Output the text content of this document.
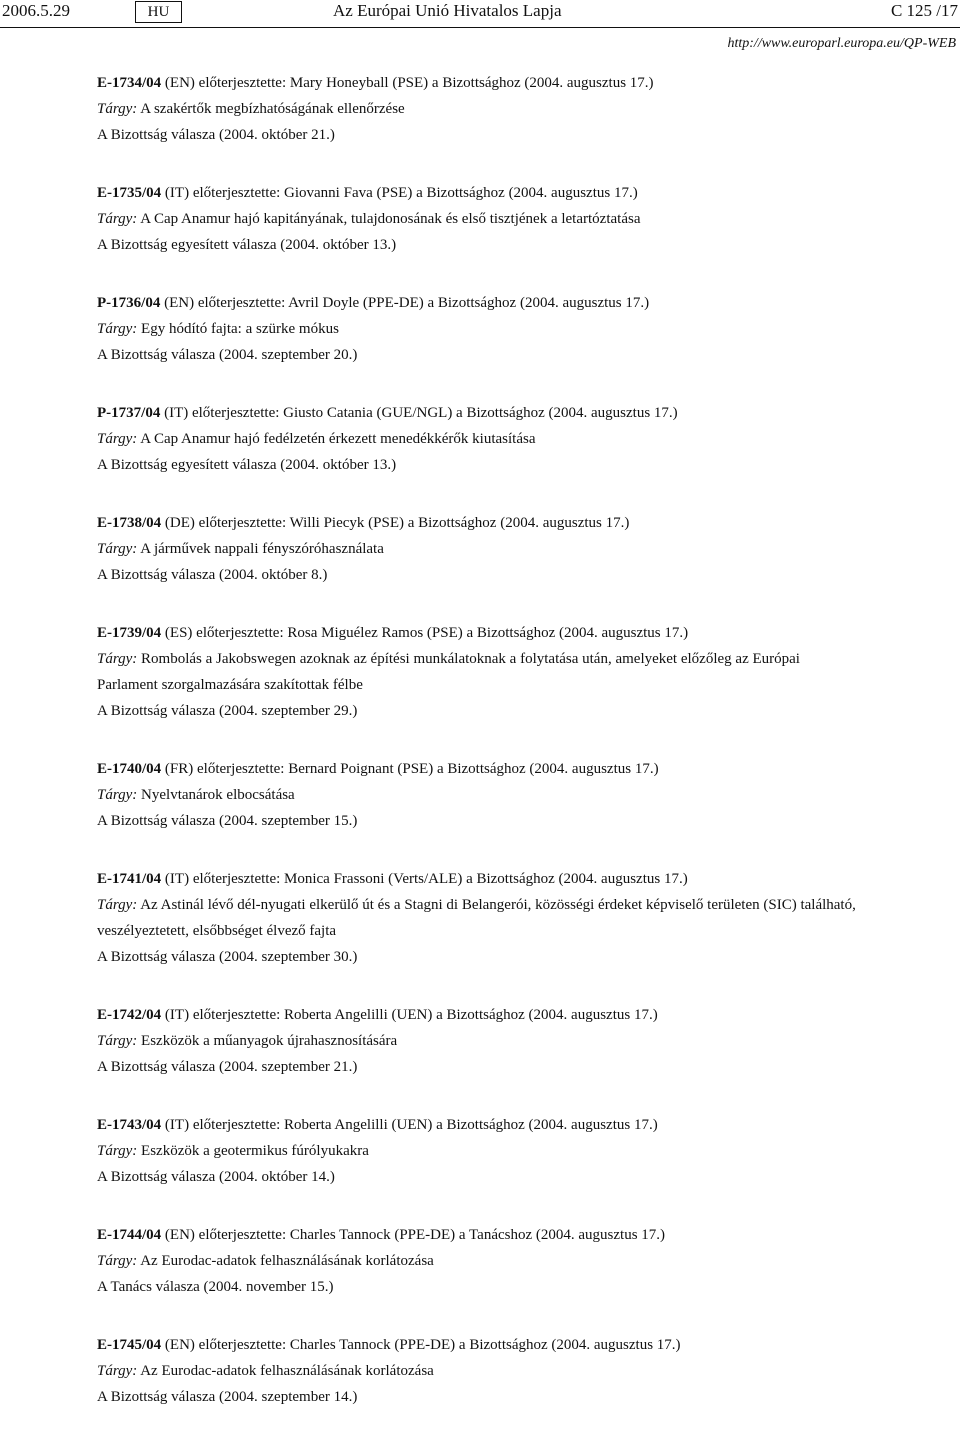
2006.5.29	HU	Az Európai Unió Hivatalos Lapja	C 125 /17
http://www.europarl.europa.eu/QP-WEB

E-1734/04 (EN) előterjesztette: Mary Honeyball (PSE) a Bizottsághoz (2004. augusztus 17.)

Tárgy: A szakértők megbízhatóságának ellenőrzése

A Bizottság válasza (2004. október 21.)

E-1735/04 (IT) előterjesztette: Giovanni Fava (PSE) a Bizottsághoz (2004. augusztus 17.)

Tárgy: A Cap Anamur hajó kapitányának, tulajdonosának és első tisztjének a letartóztatása

A Bizottság egyesített válasza (2004. október 13.)

P-1736/04 (EN) előterjesztette: Avril Doyle (PPE-DE) a Bizottsághoz (2004. augusztus 17.)

Tárgy: Egy hódító fajta: a szürke mókus

A Bizottság válasza (2004. szeptember 20.)

P-1737/04 (IT) előterjesztette: Giusto Catania (GUE/NGL) a Bizottsághoz (2004. augusztus 17.)

Tárgy: A Cap Anamur hajó fedélzetén érkezett menedékkérők kiutasítása

A Bizottság egyesített válasza (2004. október 13.)

E-1738/04 (DE) előterjesztette: Willi Piecyk (PSE) a Bizottsághoz (2004. augusztus 17.)

Tárgy: A járművek nappali fényszóróhasználata

A Bizottság válasza (2004. október 8.)

E-1739/04 (ES) előterjesztette: Rosa Miguélez Ramos (PSE) a Bizottsághoz (2004. augusztus 17.)

Tárgy: Rombolás a Jakobswegen azoknak az építési munkálatoknak a folytatása után, amelyeket előzőleg az Európai Parlament szorgalmazására szakítottak félbe

A Bizottság válasza (2004. szeptember 29.)

E-1740/04 (FR) előterjesztette: Bernard Poignant (PSE) a Bizottsághoz (2004. augusztus 17.)

Tárgy: Nyelvtanárok elbocsátása

A Bizottság válasza (2004. szeptember 15.)

E-1741/04 (IT) előterjesztette: Monica Frassoni (Verts/ALE) a Bizottsághoz (2004. augusztus 17.)

Tárgy: Az Astinál lévő dél-nyugati elkerülő út és a Stagni di Belangerói, közösségi érdeket képviselő területen (SIC) található, veszélyeztetett, elsőbbséget élvező fajta

A Bizottság válasza (2004. szeptember 30.)

E-1742/04 (IT) előterjesztette: Roberta Angelilli (UEN) a Bizottsághoz (2004. augusztus 17.)

Tárgy: Eszközök a műanyagok újrahasznosítására

A Bizottság válasza (2004. szeptember 21.)

E-1743/04 (IT) előterjesztette: Roberta Angelilli (UEN) a Bizottsághoz (2004. augusztus 17.)

Tárgy: Eszközök a geotermikus fúrólyukakra

A Bizottság válasza (2004. október 14.)

E-1744/04 (EN) előterjesztette: Charles Tannock (PPE-DE) a Tanácshoz (2004. augusztus 17.)

Tárgy: Az Eurodac-adatok felhasználásának korlátozása

A Tanács válasza (2004. november 15.)

E-1745/04 (EN) előterjesztette: Charles Tannock (PPE-DE) a Bizottsághoz (2004. augusztus 17.)

Tárgy: Az Eurodac-adatok felhasználásának korlátozása

A Bizottság válasza (2004. szeptember 14.)
